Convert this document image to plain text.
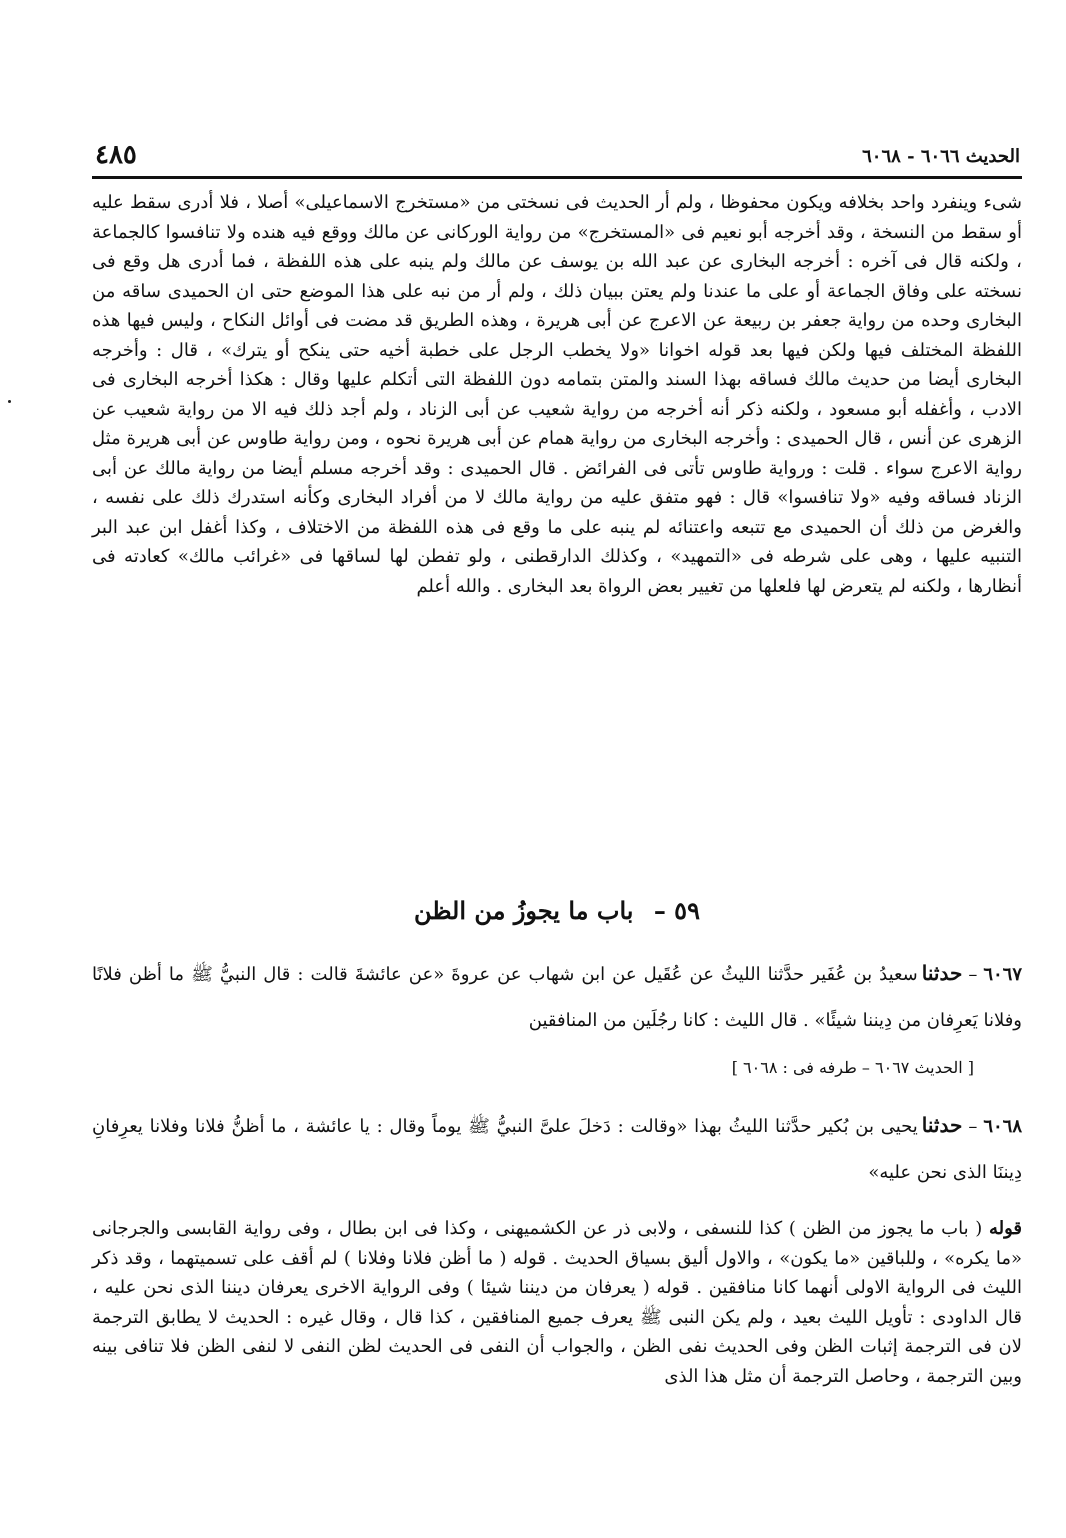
الحديث ٦٠٦٦ - ٦٠٦٨
٤٨٥
شىء وينفرد واحد بخلافه ويكون محفوظا ، ولم أر الحديث فى نسختى من «مستخرج الاسماعيلى» أصلا ، فلا أدرى سقط عليه أو سقط من النسخة ، وقد أخرجه أبو نعيم فى «المستخرج» من رواية الوركانى عن مالك ووقع فيه هنده ولا تنافسوا كالجماعة ، ولكنه قال فى آخره : أخرجه البخارى عن عبد الله بن يوسف عن مالك ولم ينبه على هذه اللفظة ، فما أدرى هل وقع فى نسخته على وفاق الجماعة أو على ما عندنا ولم يعتن ببيان ذلك ، ولم أر من نبه على هذا الموضع حتى ان الحميدى ساقه من البخارى وحده من رواية جعفر بن ربيعة عن الاعرج عن أبى هريرة ، وهذه الطريق قد مضت فى أوائل النكاح ، وليس فيها هذه اللفظة المختلف فيها ولكن فيها بعد قوله اخوانا «ولا يخطب الرجل على خطبة أخيه حتى ينكح أو يترك» ، قال : وأخرجه البخارى أيضا من حديث مالك فساقه بهذا السند والمتن بتمامه دون اللفظة التى أتكلم عليها وقال : هكذا أخرجه البخارى فى الادب ، وأغفله أبو مسعود ، ولكنه ذكر أنه أخرجه من رواية شعيب عن أبى الزناد ، ولم أجد ذلك فيه الا من رواية شعيب عن الزهرى عن أنس ، قال الحميدى : وأخرجه البخارى من رواية همام عن أبى هريرة نحوه ، ومن رواية طاوس عن أبى هريرة مثل رواية الاعرج سواء . قلت : ورواية طاوس تأتى فى الفرائض . قال الحميدى : وقد أخرجه مسلم أيضا من رواية مالك عن أبى الزناد فساقه وفيه «ولا تنافسوا» قال : فهو متفق عليه من رواية مالك لا من أفراد البخارى وكأنه استدرك ذلك على نفسه ، والغرض من ذلك أن الحميدى مع تتبعه واعتنائه لم ينبه على ما وقع فى هذه اللفظة من الاختلاف ، وكذا أغفل ابن عبد البر التنبيه عليها ، وهى على شرطه فى «التمهيد» ، وكذلك الدارقطنى ، ولو تفطن لها لساقها فى «غرائب مالك» كعادته فى أنظارها ، ولكنه لم يتعرض لها فلعلها من تغيير بعض الرواة بعد البخارى . والله أعلم
٥٩ – باب ما يجوزُ من الظن
٦٠٦٧–حدثناسعيدُ بن عُفَير حدَّثنا الليثُ عن عُقَيل عن ابن شهاب عن عروةَ «عن عائشةَ قالت : قال النبيُّ ﷺ ما أظن فلانًا وفلانا يَعرِفان من دِيننا شيئًا» . قال الليث : كانا رجُلَين من المنافقين
[ الحديث ٦٠٦٧ – طرفه فى : ٦٠٦٨ ]
٦٠٦٨–حدثنايحيى بن بُكير حدَّثنا الليثُ بهذا «وقالت : دَخلَ علىَّ النبيُّ ﷺ يوماً وقال : يا عائشة ، ما أظنُّ فلانا وفلانا يعرِفانِ دِيننَا الذى نحن عليه»
قوله ( باب ما يجوز من الظن ) كذا للنسفى ، ولابى ذر عن الكشميهنى ، وكذا فى ابن بطال ، وفى رواية القابسى والجرجانى «ما يكره» ، وللباقين «ما يكون» ، والاول أليق بسياق الحديث . قوله ( ما أظن فلانا وفلانا ) لم أقف على تسميتهما ، وقد ذكر الليث فى الرواية الاولى أنهما كانا منافقين . قوله ( يعرفان من ديننا شيئا ) وفى الرواية الاخرى يعرفان ديننا الذى نحن عليه ، قال الداودى : تأويل الليث بعيد ، ولم يكن النبى ﷺ يعرف جميع المنافقين ، كذا قال ، وقال غيره : الحديث لا يطابق الترجمة لان فى الترجمة إثبات الظن وفى الحديث نفى الظن ، والجواب أن النفى فى الحديث لظن النفى لا لنفى الظن فلا تنافى بينه وبين الترجمة ، وحاصل الترجمة أن مثل هذا الذى
